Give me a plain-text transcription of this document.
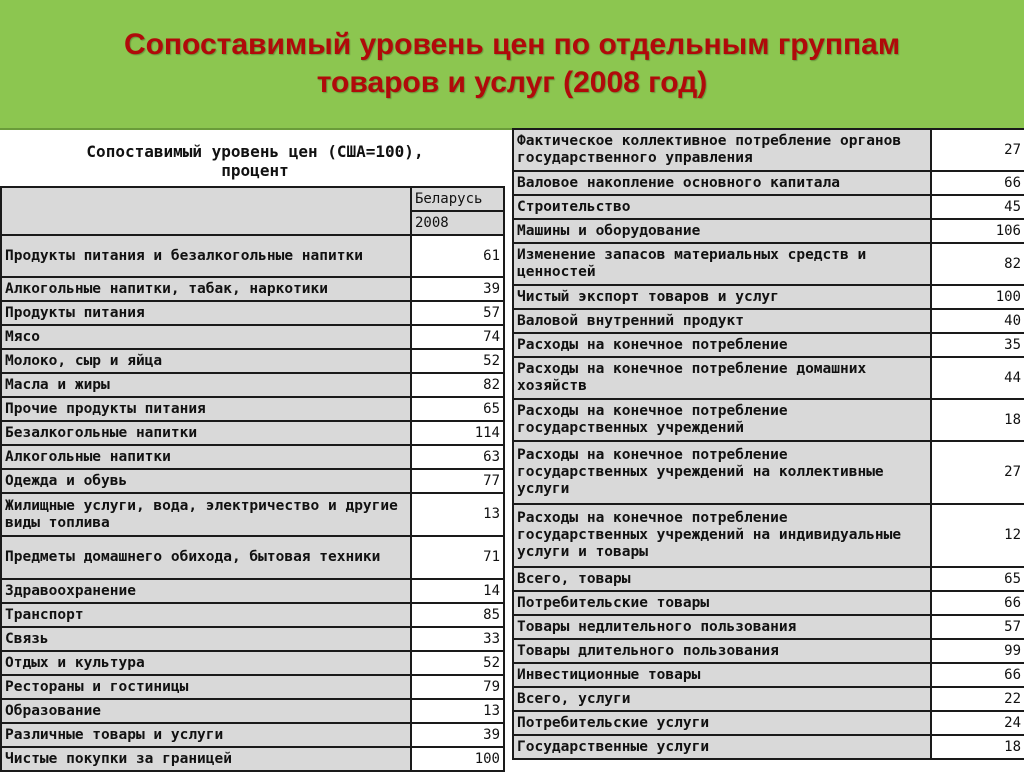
Сопоставимый уровень цен по отдельным группам
товаров и услуг (2008 год)
Сопоставимый уровень цен (США=100),
процент
	Беларусь
	2008
Продукты питания и безалкогольные напитки	61
Алкогольные напитки, табак, наркотики	39
Продукты питания	57
Мясо	74
Молоко, сыр и яйца	52
Масла и жиры	82
Прочие продукты питания	65
Безалкогольные напитки	114
Алкогольные напитки	63
Одежда и обувь	77
Жилищные услуги, вода, электричество и другие виды топлива	13
Предметы домашнего обихода, бытовая техники	71
Здравоохранение	14
Транспорт	85
Связь	33
Отдых и культура	52
Рестораны и гостиницы	79
Образование	13
Различные товары и услуги	39
Чистые покупки за границей	100
Фактическое коллективное потребление органов государственного управления	27
Валовое накопление основного капитала	66
Строительство	45
Машины и оборудование	106
Изменение запасов материальных средств и ценностей	82
Чистый экспорт товаров и услуг	100
Валовой внутренний продукт	40
Расходы на конечное потребление	35
Расходы на конечное потребление домашних хозяйств	44
Расходы на конечное потребление государственных учреждений	18
Расходы на конечное потребление государственных учреждений на коллективные услуги	27
Расходы на конечное потребление государственных учреждений на индивидуальные услуги и товары	12
Всего, товары	65
Потребительские товары	66
Товары недлительного пользования	57
Товары длительного пользования	99
Инвестиционные товары	66
Всего, услуги	22
Потребительские услуги	24
Государственные услуги	18
